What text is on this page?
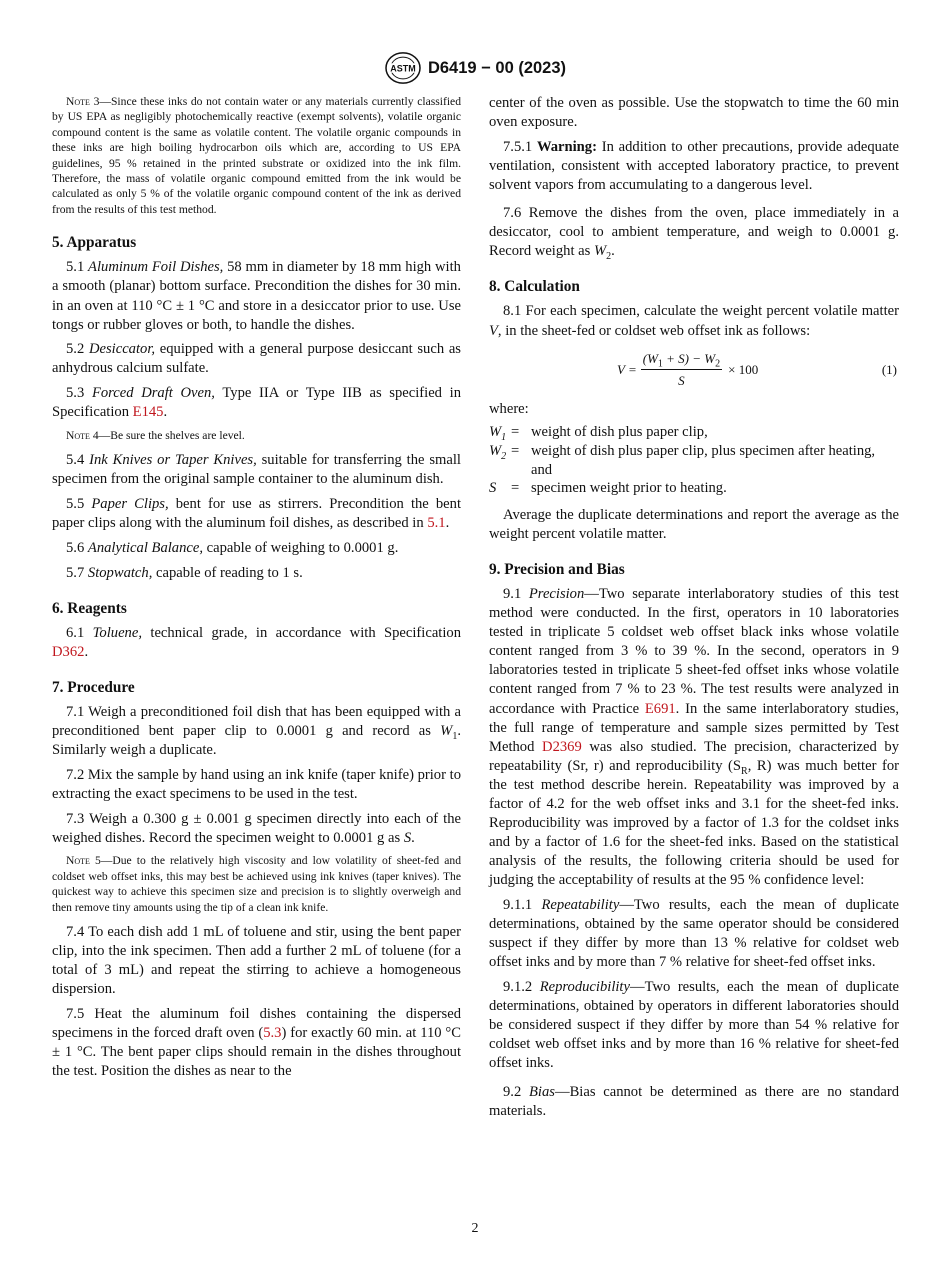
ASTM D6419 − 00 (2023)

Note 3—Since these inks do not contain water or any materials currently classified by US EPA as negligibly photochemically reactive (exempt solvents), volatile organic compound content is the same as volatile content. The volatile organic compounds in these inks are high boiling hydrocarbon oils which are, according to US EPA guidelines, 95 % retained in the printed substrate or oxidized into the ink film. Therefore, the mass of volatile organic compound emitted from the ink would be calculated as only 5 % of the volatile organic compound content of the ink as derived from the results of this test method.

5. Apparatus

5.1 Aluminum Foil Dishes, 58 mm in diameter by 18 mm high with a smooth (planar) bottom surface. Precondition the dishes for 30 min. in an oven at 110 °C ± 1 °C and store in a desiccator prior to use. Use tongs or rubber gloves or both, to handle the dishes.

5.2 Desiccator, equipped with a general purpose desiccant such as anhydrous calcium sulfate.

5.3 Forced Draft Oven, Type IIA or Type IIB as specified in Specification E145.

Note 4—Be sure the shelves are level.

5.4 Ink Knives or Taper Knives, suitable for transferring the small specimen from the original sample container to the aluminum dish.

5.5 Paper Clips, bent for use as stirrers. Precondition the bent paper clips along with the aluminum foil dishes, as described in 5.1.

5.6 Analytical Balance, capable of weighing to 0.0001 g.

5.7 Stopwatch, capable of reading to 1 s.

6. Reagents

6.1 Toluene, technical grade, in accordance with Specification D362.

7. Procedure

7.1 Weigh a preconditioned foil dish that has been equipped with a preconditioned bent paper clip to 0.0001 g and record as $W_1$. Similarly weigh a duplicate.

7.2 Mix the sample by hand using an ink knife (taper knife) prior to extracting the exact specimens to be used in the test.

7.3 Weigh a 0.300 g ± 0.001 g specimen directly into each of the weighed dishes. Record the specimen weight to 0.0001 g as S.

Note 5—Due to the relatively high viscosity and low volatility of sheet-fed and coldset web offset inks, this may best be achieved using ink knives (taper knives). The quickest way to achieve this specimen size and precision is to slightly overweigh and then remove tiny amounts using the tip of a clean ink knife.

7.4 To each dish add 1 mL of toluene and stir, using the bent paper clip, into the ink specimen. Then add a further 2 mL of toluene (for a total of 3 mL) and repeat the stirring to achieve a homogeneous dispersion.

7.5 Heat the aluminum foil dishes containing the dispersed specimens in the forced draft oven (5.3) for exactly 60 min. at 110 °C ± 1 °C. The bent paper clips should remain in the dishes throughout the test. Position the dishes as near to the

center of the oven as possible. Use the stopwatch to time the 60 min oven exposure.

7.5.1 Warning: In addition to other precautions, provide adequate ventilation, consistent with accepted laboratory practice, to prevent solvent vapors from accumulating to a dangerous level.

7.6 Remove the dishes from the oven, place immediately in a desiccator, cool to ambient temperature, and weigh to 0.0001 g. Record weight as $W_2$.

8. Calculation

8.1 For each specimen, calculate the weight percent volatile matter V, in the sheet-fed or coldset web offset ink as follows:

$V = \frac{(W_1 + S) - W_2}{S} \times 100$	(1)

where:

$W_1$ = weight of dish plus paper clip,
$W_2$ = weight of dish plus paper clip, plus specimen after heating, and
S	= specimen weight prior to heating.

Average the duplicate determinations and report the average as the weight percent volatile matter.

9. Precision and Bias

9.1 Precision—Two separate interlaboratory studies of this test method were conducted. In the first, operators in 10 laboratories tested in triplicate 5 coldset web offset black inks whose volatile content ranged from 3 % to 39 %. In the second, operators in 9 laboratories tested in triplicate 5 sheet-fed offset inks whose volatile content ranged from 7 % to 23 %. The test results were analyzed in accordance with Practice E691. In the same interlaboratory studies, the full range of temperature and sample sizes permitted by Test Method D2369 was also studied. The precision, characterized by repeatability (Sr, r) and reproducibility ($S_R$, R) was much better for the test method describe herein. Repeatability was improved by a factor of 4.2 for the web offset inks and 3.1 for the sheet-fed inks. Reproducibility was improved by a factor of 1.3 for the coldset inks and by a factor of 1.6 for the sheet-fed inks. Based on the statistical analysis of the results, the following criteria should be used for judging the acceptability of results at the 95 % confidence level:

9.1.1 Repeatability—Two results, each the mean of duplicate determinations, obtained by the same operator should be considered suspect if they differ by more than 13 % relative for coldset web offset inks and by more than 7 % relative for sheet-fed offset inks.

9.1.2 Reproducibility—Two results, each the mean of duplicate determinations, obtained by operators in different laboratories should be considered suspect if they differ by more than 54 % relative for coldset web offset inks and by more than 16 % relative for sheet-fed offset inks.

9.2 Bias—Bias cannot be determined as there are no standard materials.

2
